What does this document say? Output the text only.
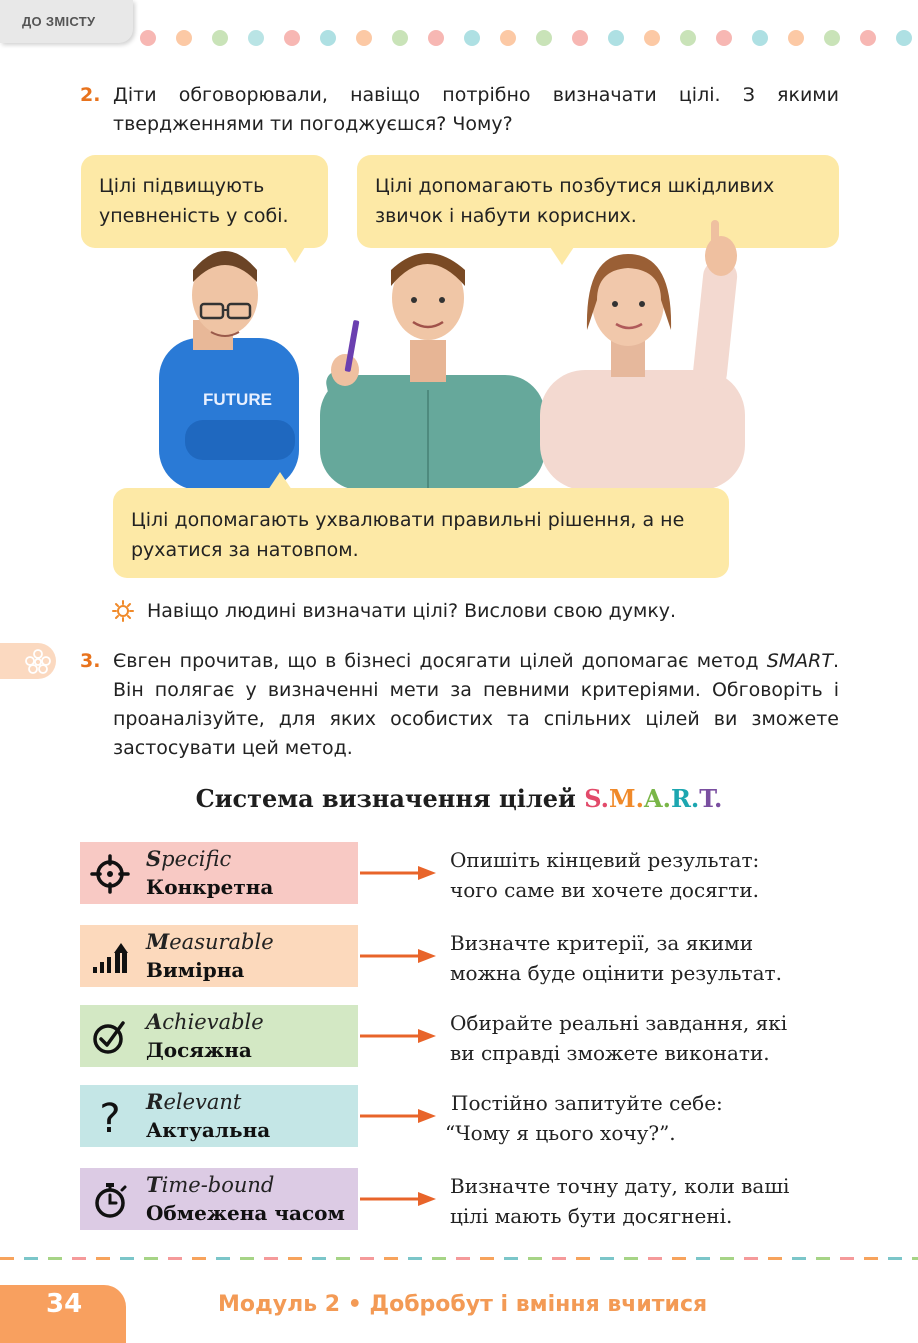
ДО ЗМІСТУ
2. Діти обговорювали, навіщо потрібно визначати цілі. З якими твердженнями ти погоджуєшся? Чому?
Цілі підвищують упевненість у собі.
Цілі допомагають позбутися шкідливих звичок і набути корисних.
FUTURE
Цілі допомагають ухвалювати правильні рішення, а не рухатися за натовпом.
Навіщо людині визначати цілі? Вислови свою думку.
3. Євген прочитав, що в бізнесі досягати цілей допомагає метод SMART. Він полягає у визначенні мети за певними критеріями. Обговоріть і проаналізуйте, для яких особистих та спільних цілей ви зможете застосувати цей метод.
Система визначення цілей S.M.A.R.T.
Specific
Конкретна
Опишіть кінцевий результат:
чого саме ви хочете досягти.
Measurable
Вимірна
Визначте критерії, за якими
можна буде оцінити результат.
Achievable
Досяжна
Обирайте реальні завдання, які
ви справді зможете виконати.
? Relevant
Актуальна
Постійно запитуйте себе:
“Чому я цього хочу?”.
Time-bound
Обмежена часом
Визначте точну дату, коли ваші
цілі мають бути досягнені.
34	Модуль 2 • Добробут і вміння вчитися
